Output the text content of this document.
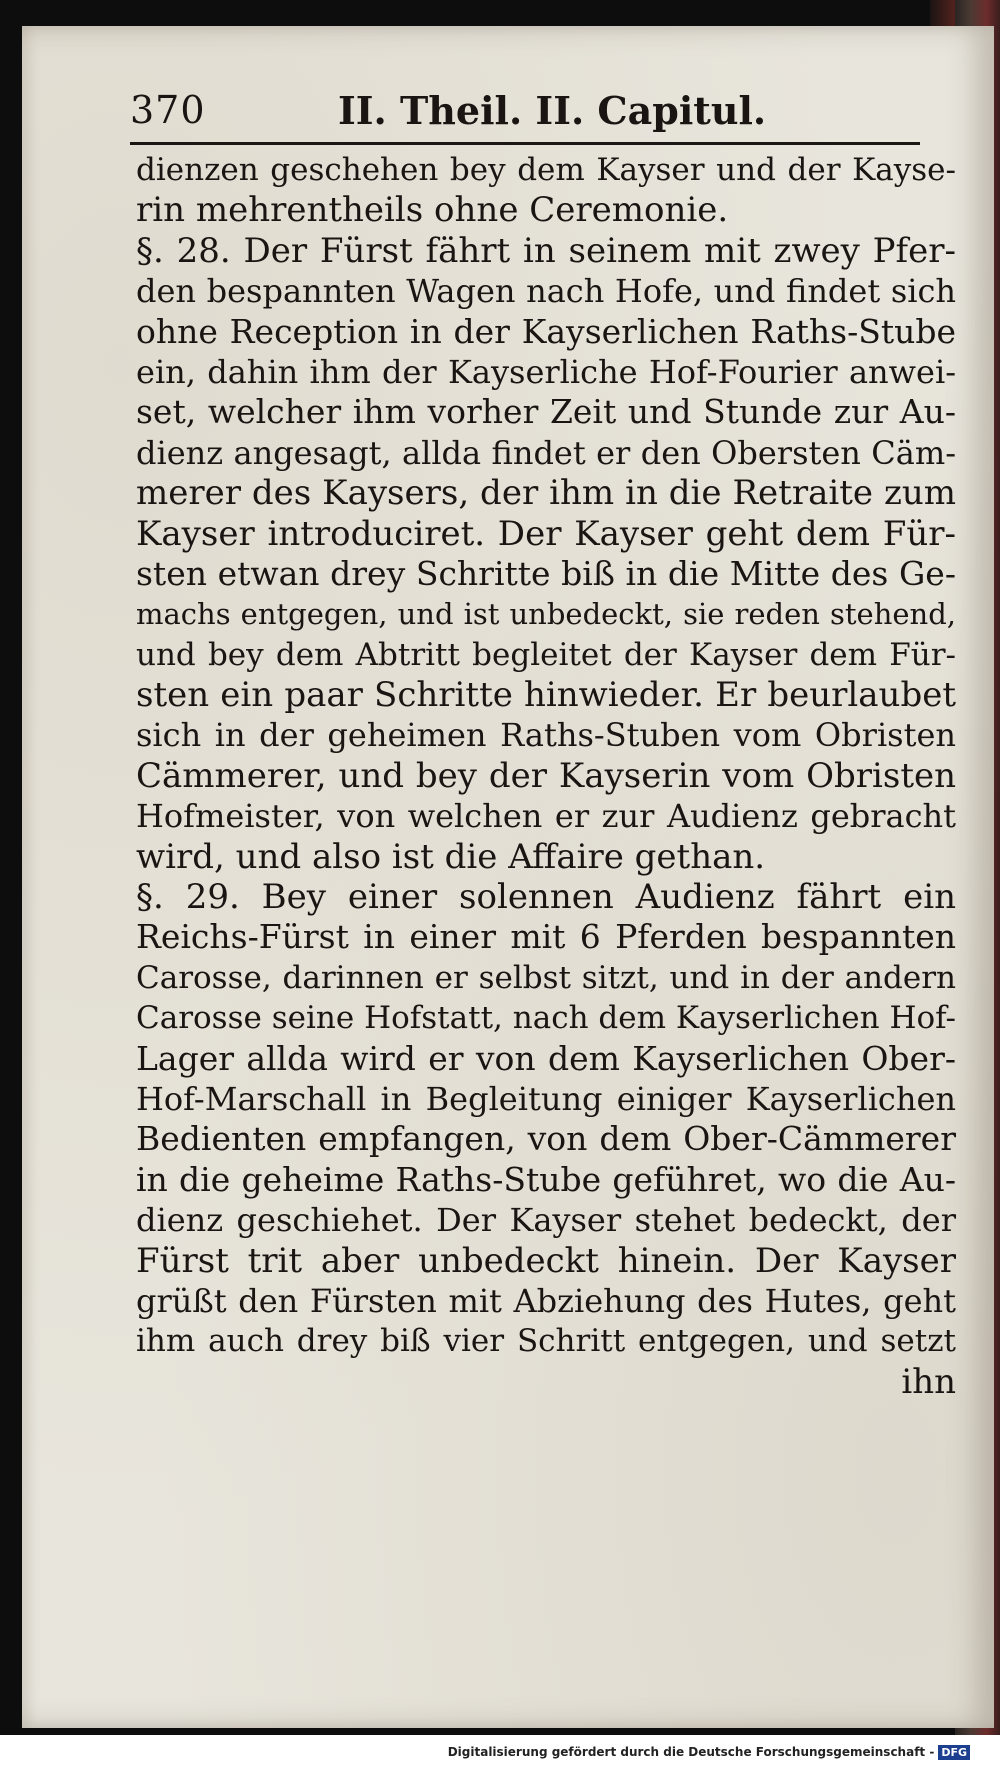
370	II. Theil. II. Capitul.
dienzen geschehen bey dem Kayser und der Kayse-
rin mehrentheils ohne Ceremonie.
§. 28. Der Fürst fährt in seinem mit zwey Pfer-
den bespannten Wagen nach Hofe, und findet sich
ohne Reception in der Kayserlichen Raths-Stube
ein, dahin ihm der Kayserliche Hof-Fourier anwei-
set, welcher ihm vorher Zeit und Stunde zur Au-
dienz angesagt, allda findet er den Obersten Cäm-
merer des Kaysers, der ihm in die Retraite zum
Kayser introduciret. Der Kayser geht dem Für-
sten etwan drey Schritte biß in die Mitte des Ge-
machs entgegen, und ist unbedeckt, sie reden stehend,
und bey dem Abtritt begleitet der Kayser dem Für-
sten ein paar Schritte hinwieder. Er beurlaubet
sich in der geheimen Raths-Stuben vom Obristen
Cämmerer, und bey der Kayserin vom Obristen
Hofmeister, von welchen er zur Audienz gebracht
wird, und also ist die Affaire gethan.
§. 29. Bey einer solennen Audienz fährt ein
Reichs-Fürst in einer mit 6 Pferden bespannten
Carosse, darinnen er selbst sitzt, und in der andern
Carosse seine Hofstatt, nach dem Kayserlichen Hof-
Lager allda wird er von dem Kayserlichen Ober-
Hof-Marschall in Begleitung einiger Kayserlichen
Bedienten empfangen, von dem Ober-Cämmerer
in die geheime Raths-Stube geführet, wo die Au-
dienz geschiehet. Der Kayser stehet bedeckt, der
Fürst trit aber unbedeckt hinein. Der Kayser
grüßt den Fürsten mit Abziehung des Hutes, geht
ihm auch drey biß vier Schritt entgegen, und setzt
ihn
Digitalisierung gefördert durch die Deutsche Forschungsgemeinschaft - DFG
